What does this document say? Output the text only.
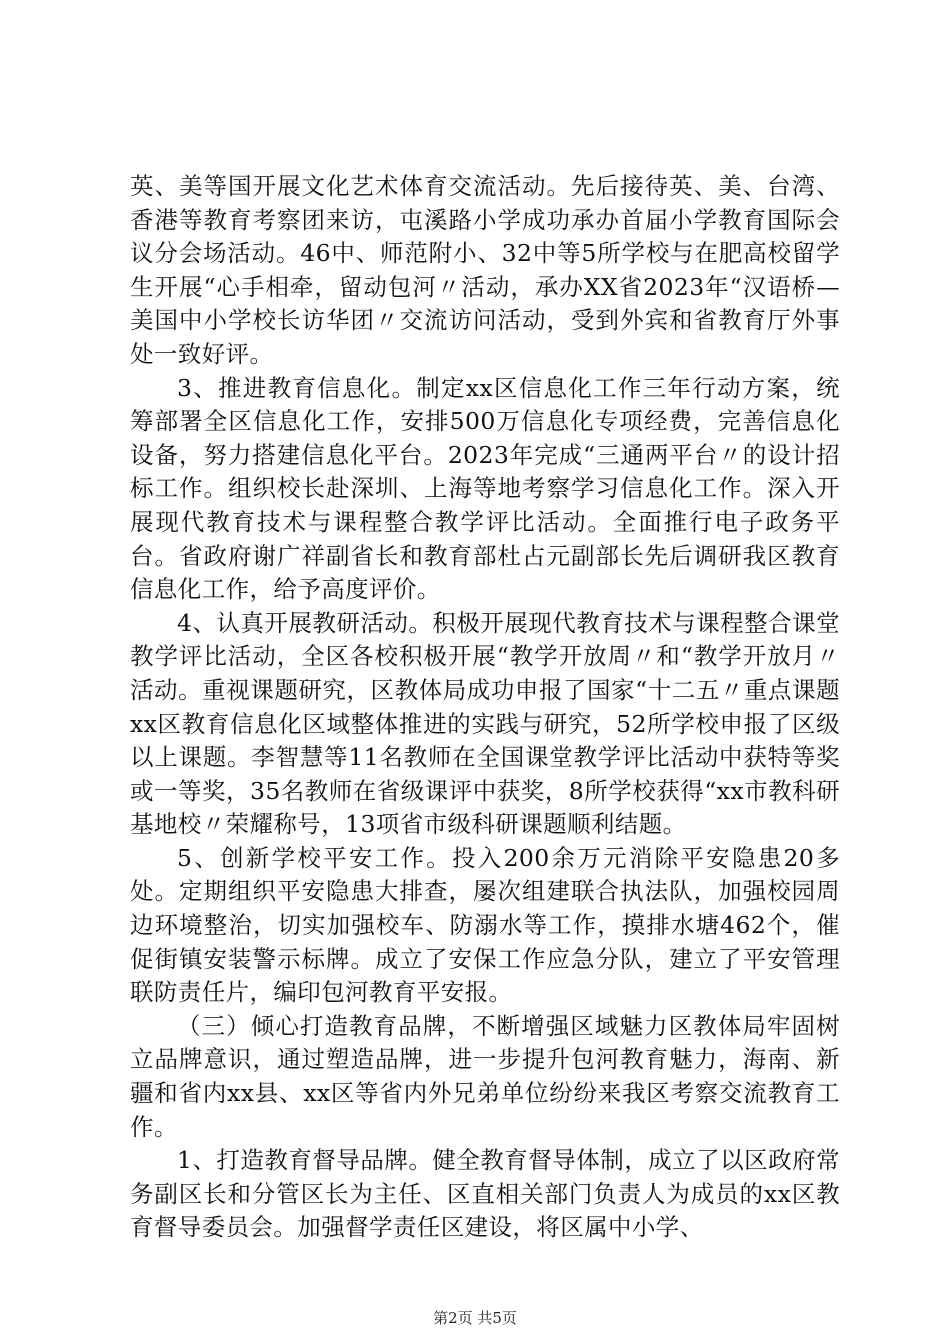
英、美等国开展文化艺术体育交流活动。先后接待英、美、台湾、香港等教育考察团来访，屯溪路小学成功承办首届小学教育国际会议分会场活动。46中、师范附小、32中等5所学校与在肥高校留学生开展“心手相牵，留动包河〃活动，承办XX省2023年“汉语桥—美国中小学校长访华团〃交流访问活动，受到外宾和省教育厅外事处一致好评。

3、推进教育信息化。制定xx区信息化工作三年行动方案，统筹部署全区信息化工作，安排500万信息化专项经费，完善信息化设备，努力搭建信息化平台。2023年完成“三通两平台〃的设计招标工作。组织校长赴深圳、上海等地考察学习信息化工作。深入开展现代教育技术与课程整合教学评比活动。全面推行电子政务平台。省政府谢广祥副省长和教育部杜占元副部长先后调研我区教育信息化工作，给予高度评价。

4、认真开展教研活动。积极开展现代教育技术与课程整合课堂教学评比活动，全区各校积极开展“教学开放周〃和“教学开放月〃活动。重视课题研究，区教体局成功申报了国家“十二五〃重点课题xx区教育信息化区域整体推进的实践与研究，52所学校申报了区级以上课题。李智慧等11名教师在全国课堂教学评比活动中获特等奖或一等奖，35名教师在省级课评中获奖，8所学校获得“xx市教科研基地校〃荣耀称号，13项省市级科研课题顺利结题。

5、创新学校平安工作。投入200余万元消除平安隐患20多处。定期组织平安隐患大排查，屡次组建联合执法队，加强校园周边环境整治，切实加强校车、防溺水等工作，摸排水塘462个，催促街镇安装警示标牌。成立了安保工作应急分队，建立了平安管理联防责任片，编印包河教育平安报。

（三）倾心打造教育品牌，不断增强区域魅力区教体局牢固树立品牌意识，通过塑造品牌，进一步提升包河教育魅力，海南、新疆和省内xx县、xx区等省内外兄弟单位纷纷来我区考察交流教育工作。

1、打造教育督导品牌。健全教育督导体制，成立了以区政府常务副区长和分管区长为主任、区直相关部门负责人为成员的xx区教育督导委员会。加强督学责任区建设，将区属中小学、

第2页 共5页
